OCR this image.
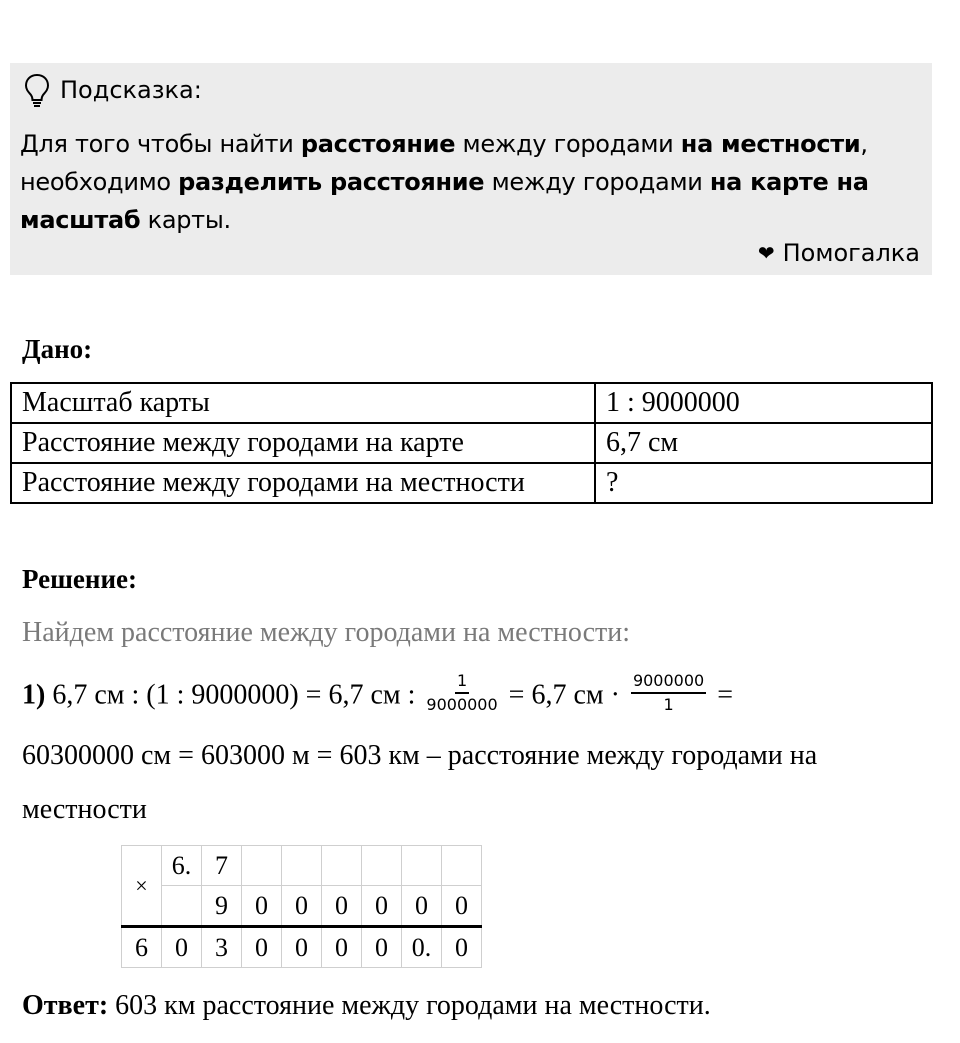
Подсказка:
Для того чтобы найти расстояние между городами на местности,
необходимо разделить расстояние между городами на карте на
масштаб карты.
❤ Помогалка
Дано:
Масштаб карты	1 : 9000000
Расстояние между городами на карте	6,7 см
Расстояние между городами на местности	?
Решение:
Найдем расстояние между городами на местности:
1) 6,7 см : (1 : 9000000) = 6,7 см : $\frac{1}{9000000} = 6,7$ см · $\frac{9000000}{1}$ =
60300000 см = 603000 м = 603 км – расстояние между городами на
местности
×	6.	7						
		9	0	0	0	0	0	0
6	0	3	0	0	0	0	0.	0
Ответ: 603 км расстояние между городами на местности.
